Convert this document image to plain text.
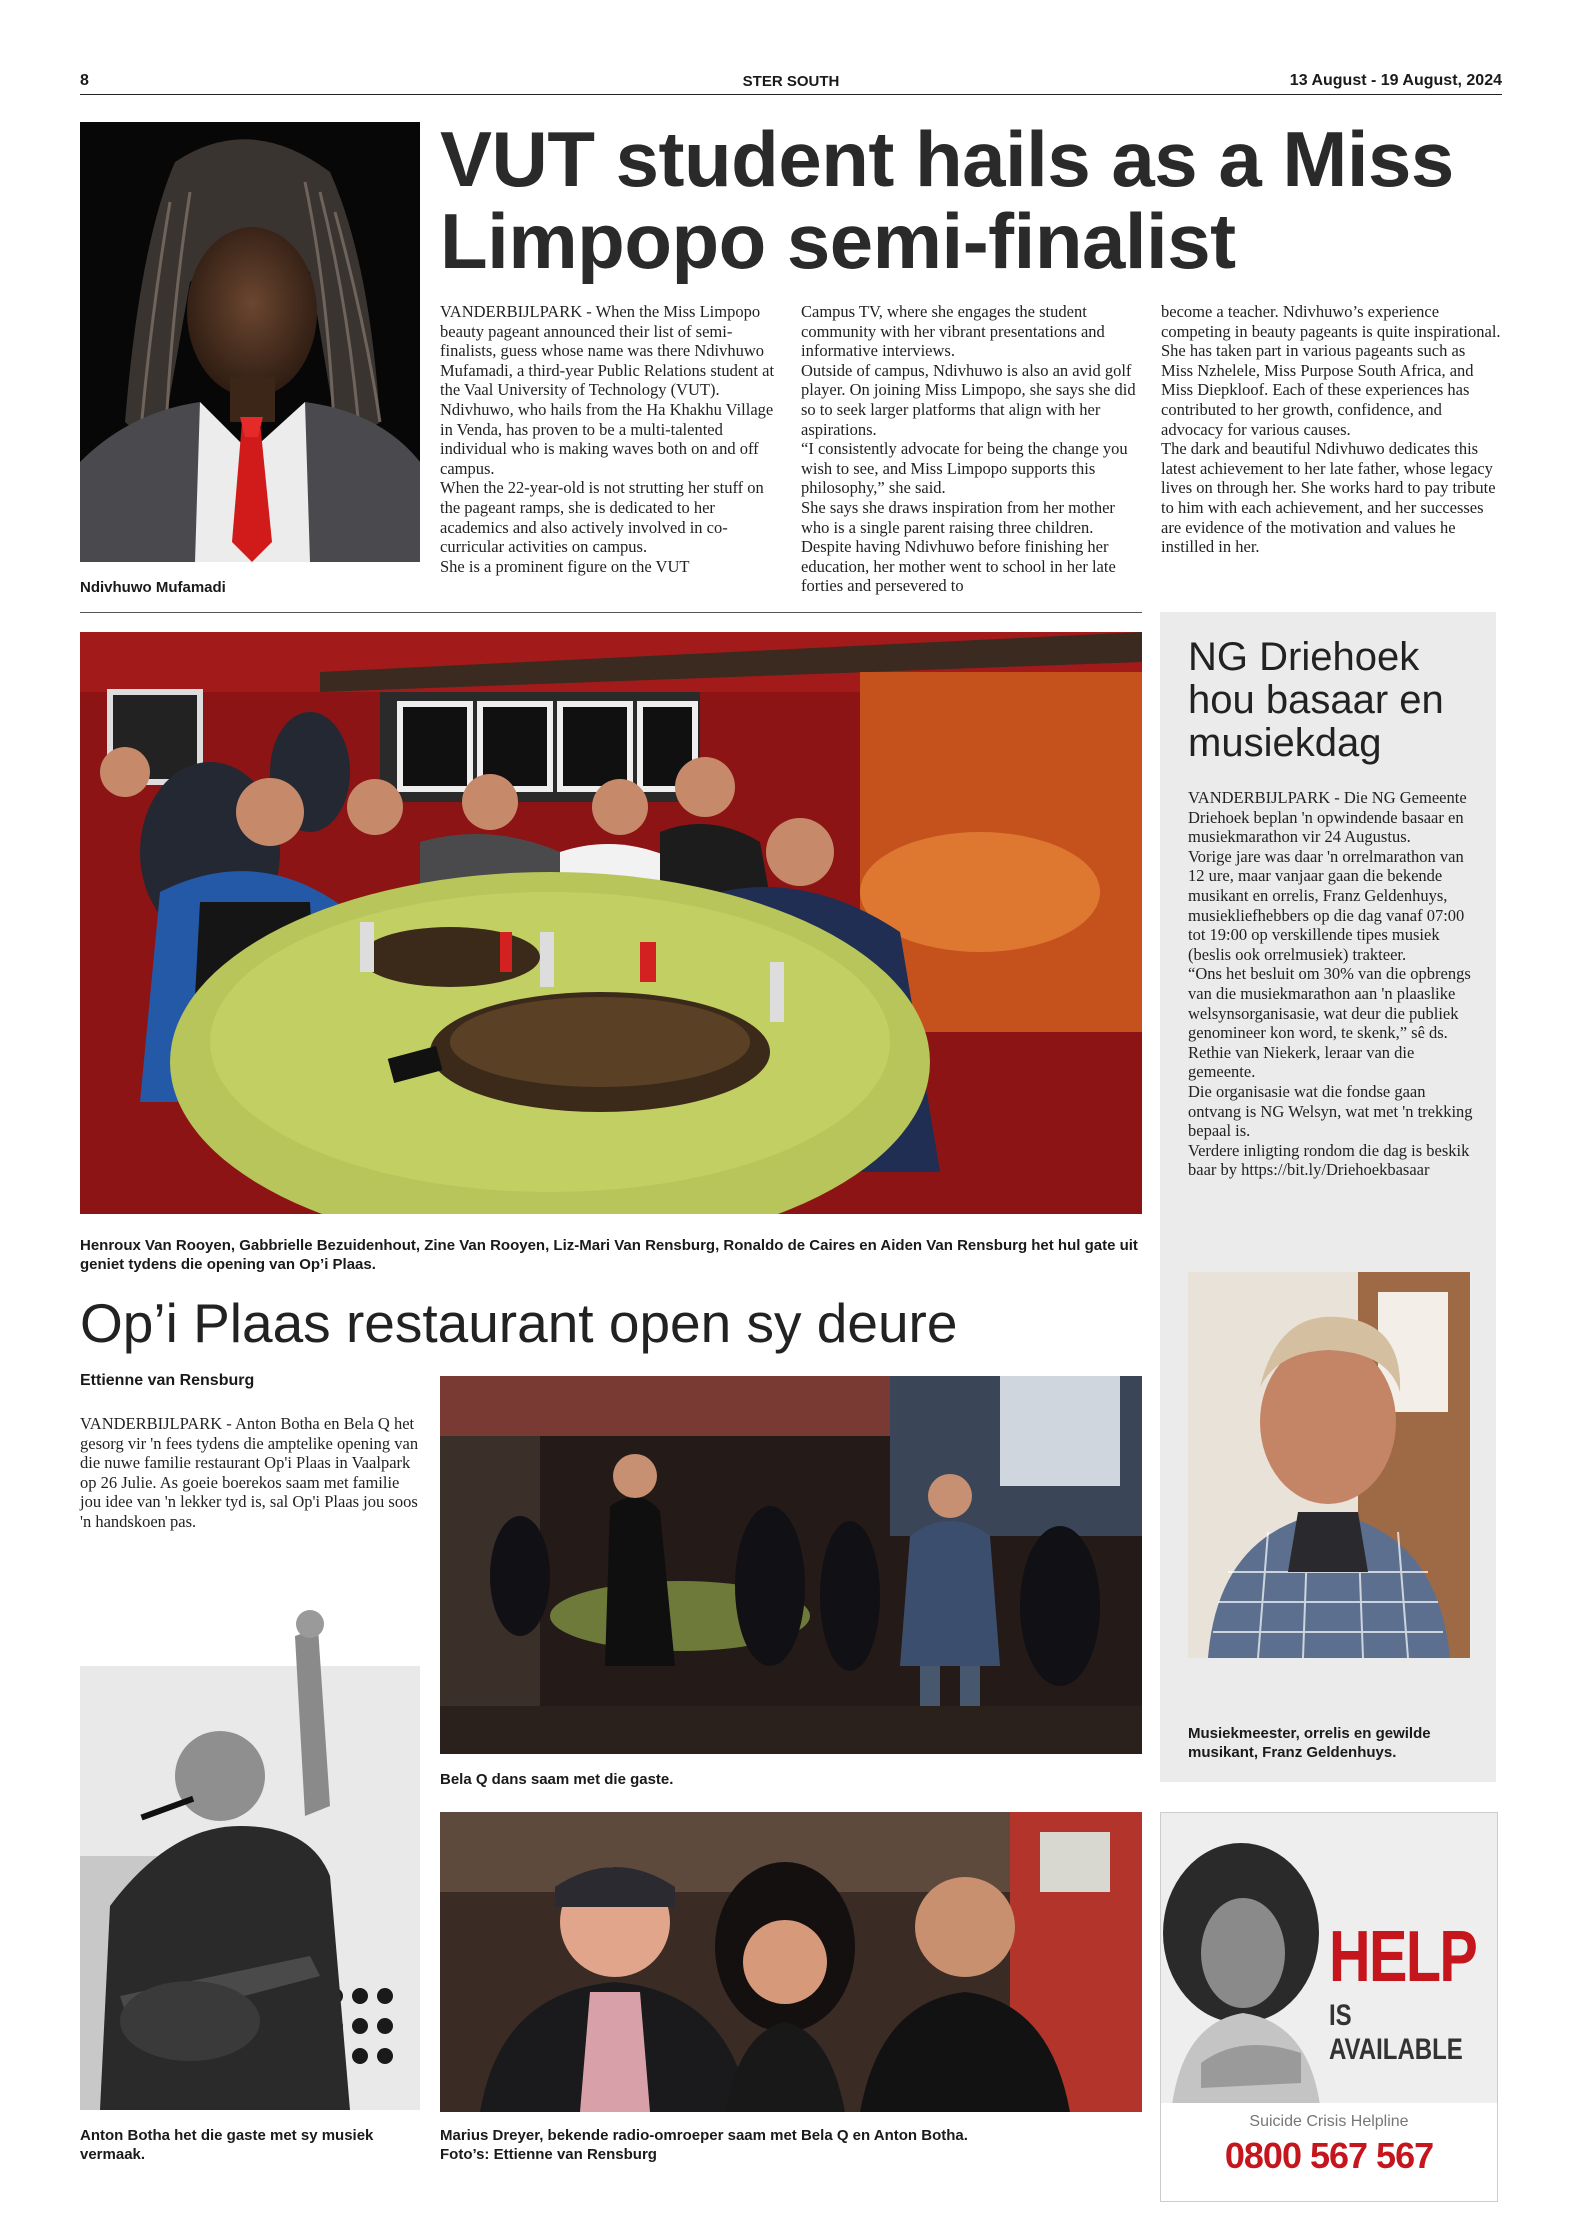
8	STER SOUTH	13 August - 19 August, 2024
Ndivhuwo Mufamadi
VUT student hails as a Miss Limpopo semi-finalist

VANDERBIJLPARK - When the Miss Limpopo beauty pageant announced their list of semi-finalists, guess whose name was there Ndivhuwo Mufamadi, a third-year Public Relations student at the Vaal University of Technology (VUT).

Ndivhuwo, who hails from the Ha Khakhu Village in Venda, has proven to be a multi-talented individual who is making waves both on and off campus.

When the 22-year-old is not strutting her stuff on the pageant ramps, she is dedicated to her academics and also actively involved in co-curricular activities on campus.

She is a prominent figure on the VUT

Campus TV, where she engages the student community with her vibrant presentations and informative interviews.

Outside of campus, Ndivhuwo is also an avid golf player. On joining Miss Limpopo, she says she did so to seek larger platforms that align with her aspirations.

“I consistently advocate for being the change you wish to see, and Miss Limpopo supports this philosophy,” she said.

She says she draws inspiration from her mother who is a single parent raising three children. Despite having Ndivhuwo before finishing her education, her mother went to school in her late forties and persevered to

become a teacher. Ndivhuwo’s experience competing in beauty pageants is quite inspirational. She has taken part in various pageants such as Miss Nzhelele, Miss Purpose South Africa, and Miss Diepkloof. Each of these experiences has contributed to her growth, confidence, and advocacy for various causes.

The dark and beautiful Ndivhuwo dedicates this latest achievement to her late father, whose legacy lives on through her. She works hard to pay tribute to him with each achievement, and her successes are evidence of the motivation and values he instilled in her.

Henroux Van Rooyen, Gabbrielle Bezuidenhout, Zine Van Rooyen, Liz-Mari Van Rensburg, Ronaldo de Caires en Aiden Van Rensburg het hul gate uit geniet tydens die opening van Op’i Plaas.
Op’i Plaas restaurant open sy deure
Ettienne van Rensburg
VANDERBIJLPARK - Anton Botha en Bela Q het gesorg vir 'n fees tydens die amptelike opening van die nuwe familie restaurant Op'i Plaas in Vaalpark op 26 Julie. As goeie boerekos saam met familie jou idee van 'n lekker tyd is, sal Op'i Plaas jou soos 'n handskoen pas.
Anton Botha het die gaste met sy musiek vermaak.
Bela Q dans saam met die gaste.
Marius Dreyer, bekende radio-omroeper saam met Bela Q en Anton Botha.
Foto’s: Ettienne van Rensburg
NG Driehoek hou basaar en musiekdag

VANDERBIJLPARK - Die NG Gemeente Driehoek beplan 'n opwindende basaar en musiekmarathon vir 24 Augustus.

Vorige jare was daar 'n orrelmarathon van 12 ure, maar vanjaar gaan die bekende musikant en orrelis, Franz Geldenhuys, musiekliefhebbers op die dag vanaf 07:00 tot 19:00 op verskillende tipes musiek (beslis ook orrelmusiek) trakteer.

“Ons het besluit om 30% van die opbrengs van die musiekmarathon aan 'n plaaslike welsynsorganisasie, wat deur die publiek genomineer kon word, te skenk,” sê ds. Rethie van Niekerk, leraar van die gemeente.

Die organisasie wat die fondse gaan ontvang is NG Welsyn, wat met 'n trekking bepaal is.

Verdere inligting rondom die dag is beskikbaar by https://bit.ly/Driehoekbasaar

Musiekmeester, orrelis en gewilde musikant, Franz Geldenhuys.
HELP
IS AVAILABLE
Suicide Crisis Helpline
0800 567 567
